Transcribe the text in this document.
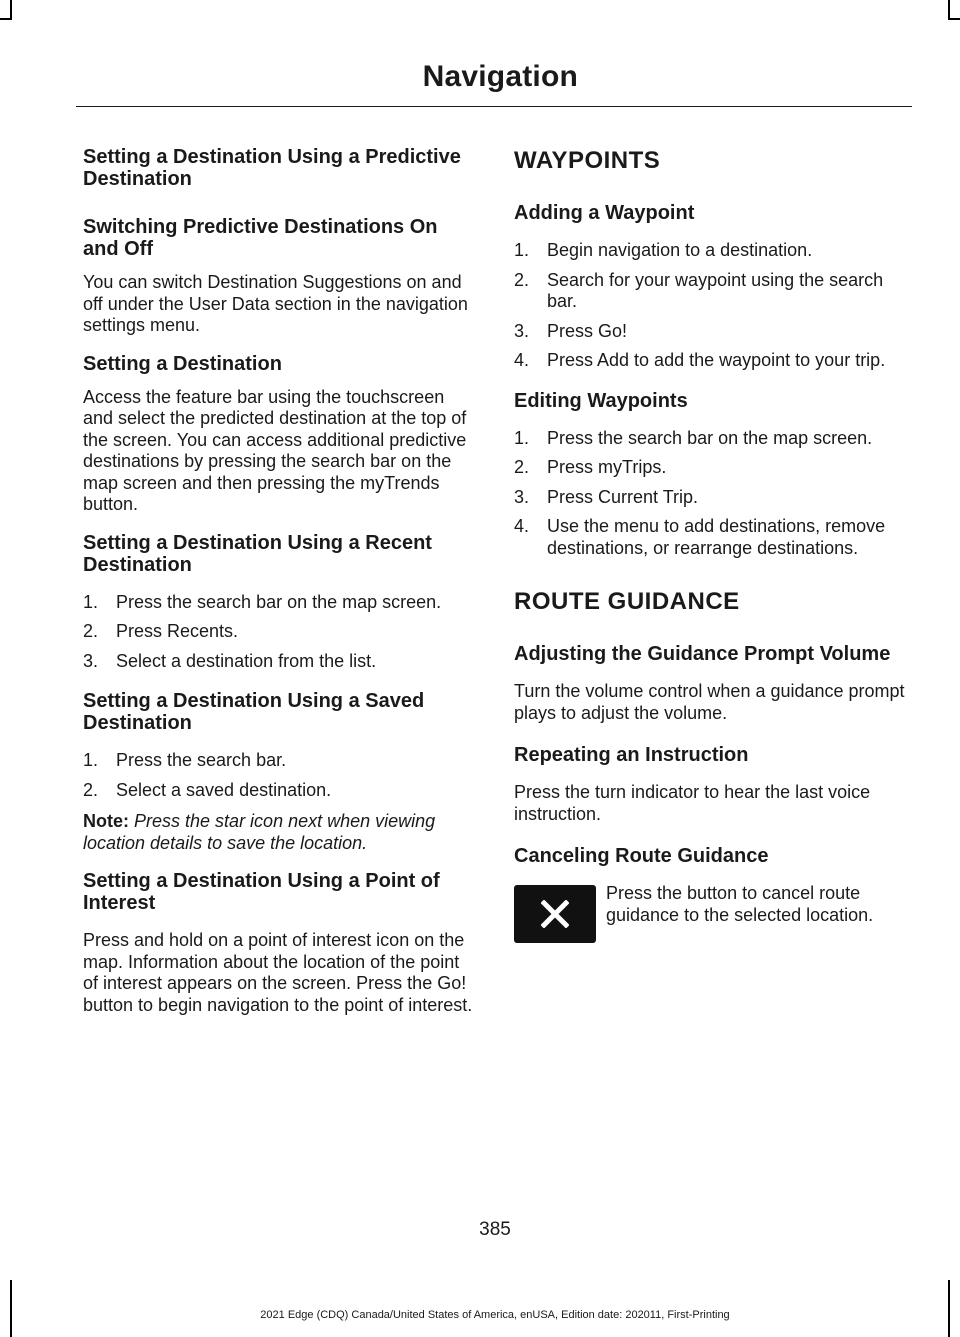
Navigation
Setting a Destination Using a Predictive Destination
Switching Predictive Destinations On and Off

You can switch Destination Suggestions on and off under the User Data section in the navigation settings menu.

Setting a Destination

Access the feature bar using the touchscreen and select the predicted destination at the top of the screen. You can access additional predictive destinations by pressing the search bar on the map screen and then pressing the myTrends button.

Setting a Destination Using a Recent Destination
1. Press the search bar on the map screen.
2. Press Recents.
3. Select a destination from the list.
Setting a Destination Using a Saved Destination
1. Press the search bar.
2. Select a saved destination.

Note: Press the star icon next when viewing location details to save the location.

Setting a Destination Using a Point of Interest

Press and hold on a point of interest icon on the map. Information about the location of the point of interest appears on the screen. Press the Go! button to begin navigation to the point of interest.

WAYPOINTS
Adding a Waypoint
1. Begin navigation to a destination.
2. Search for your waypoint using the search bar.
3. Press Go!
4. Press Add to add the waypoint to your trip.
Editing Waypoints
1. Press the search bar on the map screen.
2. Press myTrips.
3. Press Current Trip.
4. Use the menu to add destinations, remove destinations, or rearrange destinations.
ROUTE GUIDANCE
Adjusting the Guidance Prompt Volume

Turn the volume control when a guidance prompt plays to adjust the volume.

Repeating an Instruction

Press the turn indicator to hear the last voice instruction.

Canceling Route Guidance

Press the button to cancel route guidance to the selected location.

385
2021 Edge (CDQ) Canada/United States of America, enUSA, Edition date: 202011, First-Printing
